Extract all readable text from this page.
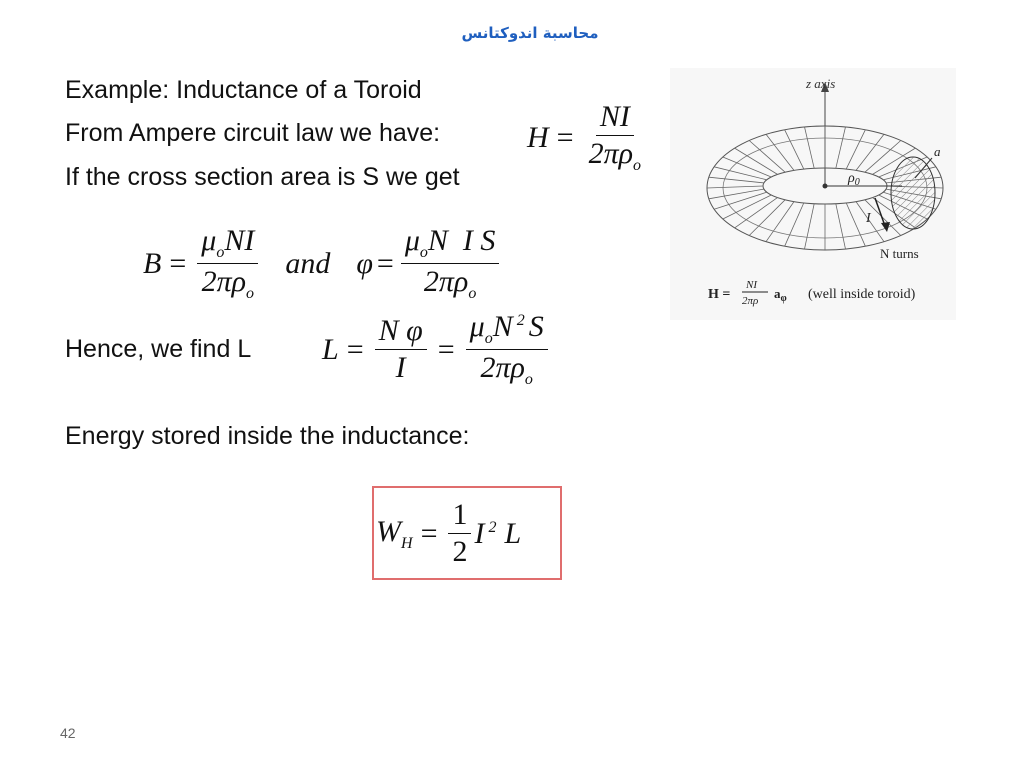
محاسبة اندوكتانس
Example: Inductance of a Toroid
From Ampere circuit law we have:
If the cross section area is S we get
$H = \frac{NI}{2\pi\rho_o}$
$B = \frac{\mu_oNI}{2\pi\rho_o}$ and $\varphi = \frac{\mu_oN I S}{2\pi\rho_o}$
Hence, we find L $L = \frac{\text{N φ}}{I} = \frac{\mu_oN ^2 S}{2\pi\rho_o}$
Energy stored inside the inductance:
$W_H = \frac{1}{2}$ I $^2$ L
z axis
$\rho_0$
a
I
N turns
H =
NI
2πρ $a_\varphi$ (well inside toroid)
42
